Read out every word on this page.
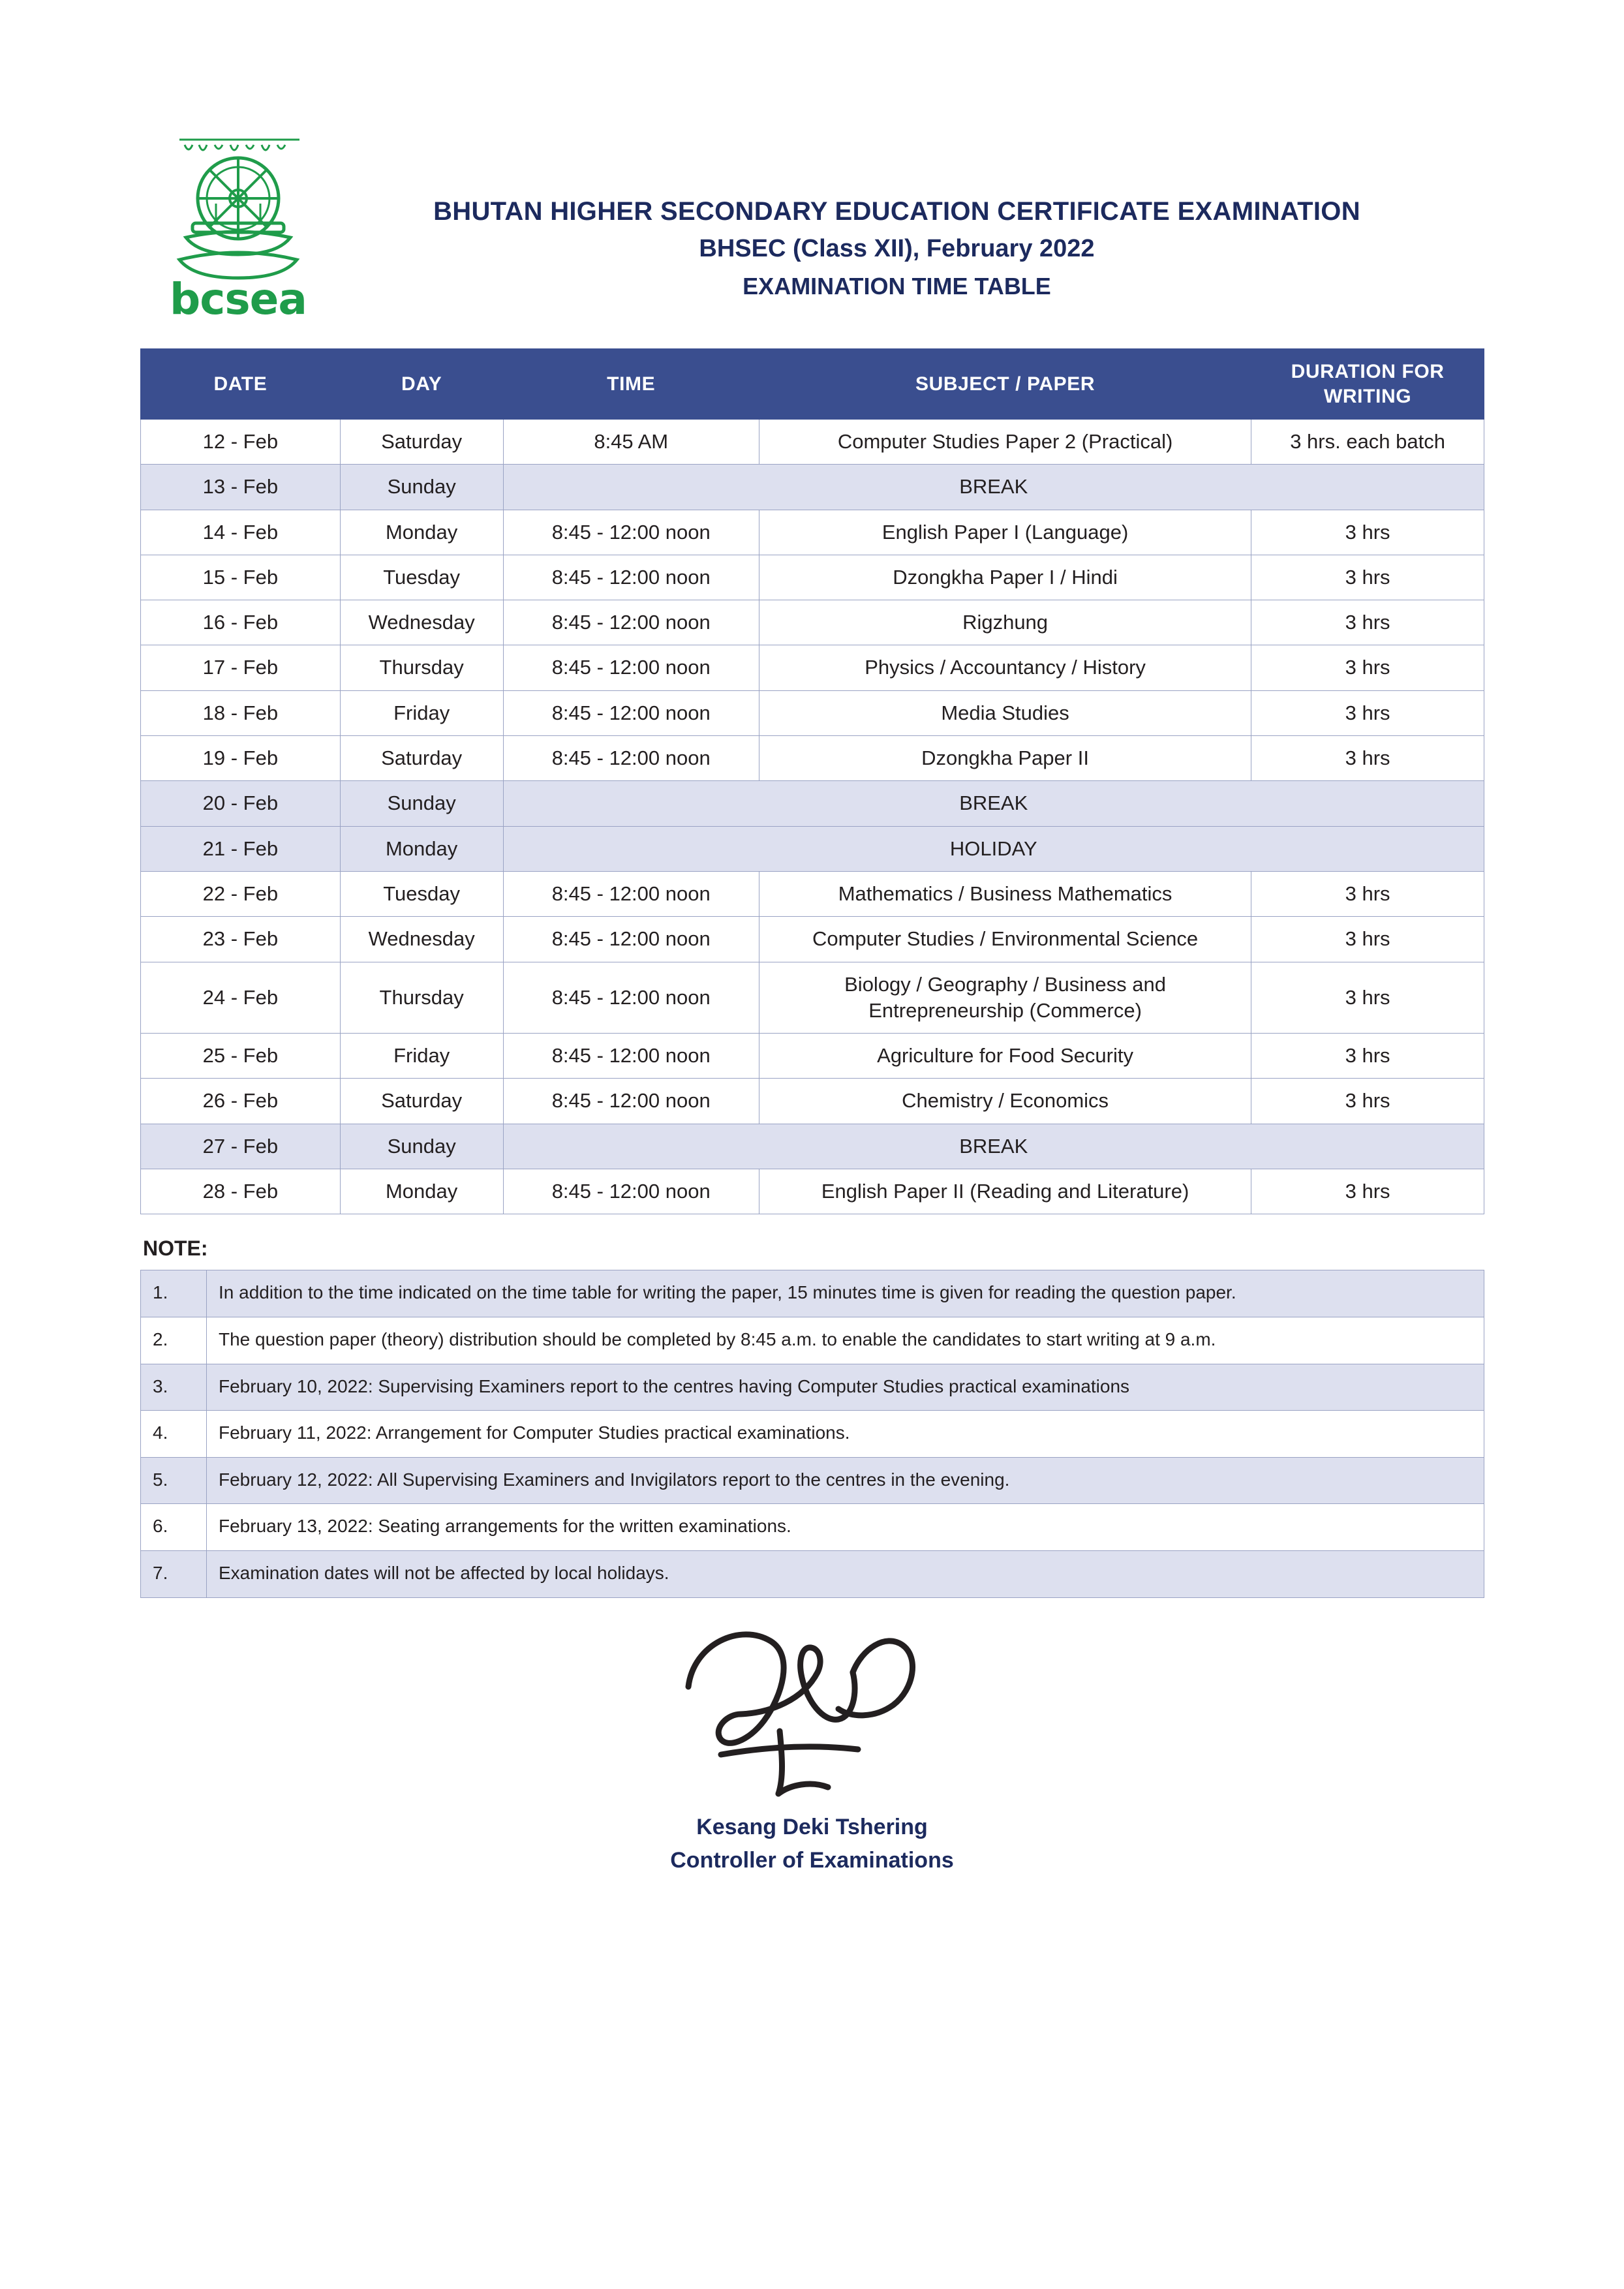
bcsea
BHUTAN HIGHER SECONDARY EDUCATION CERTIFICATE EXAMINATION
BHSEC (Class XII), February 2022
EXAMINATION TIME TABLE
DATE	DAY	TIME	SUBJECT / PAPER	DURATION FOR WRITING
12 - Feb	Saturday	8:45 AM	Computer Studies Paper 2 (Practical)	3 hrs. each batch
13 - Feb	Sunday	BREAK		
14 - Feb	Monday	8:45 - 12:00 noon	English Paper I (Language)	3 hrs
15 - Feb	Tuesday	8:45 - 12:00 noon	Dzongkha Paper I / Hindi	3 hrs
16 - Feb	Wednesday	8:45 - 12:00 noon	Rigzhung	3 hrs
17 - Feb	Thursday	8:45 - 12:00 noon	Physics / Accountancy / History	3 hrs
18 - Feb	Friday	8:45 - 12:00 noon	Media Studies	3 hrs
19 - Feb	Saturday	8:45 - 12:00 noon	Dzongkha Paper II	3 hrs
20 - Feb	Sunday	BREAK		
21 - Feb	Monday	HOLIDAY		
22 - Feb	Tuesday	8:45 - 12:00 noon	Mathematics / Business Mathematics	3 hrs
23 - Feb	Wednesday	8:45 - 12:00 noon	Computer Studies / Environmental Science	3 hrs
24 - Feb	Thursday	8:45 - 12:00 noon	Biology / Geography / Business and Entrepreneurship (Commerce)	3 hrs
25 - Feb	Friday	8:45 - 12:00 noon	Agriculture for Food Security	3 hrs
26 - Feb	Saturday	8:45 - 12:00 noon	Chemistry / Economics	3 hrs
27 - Feb	Sunday	BREAK		
28 - Feb	Monday	8:45 - 12:00 noon	English Paper II (Reading and Literature)	3 hrs
NOTE:
1.	In addition to the time indicated on the time table for writing the paper, 15 minutes time is given for reading the question paper.
2.	The question paper (theory) distribution should be completed by 8:45 a.m. to enable the candidates to start writing at 9 a.m.
3.	February 10, 2022: Supervising Examiners report to the centres having Computer Studies practical examinations
4.	February 11, 2022: Arrangement for Computer Studies practical examinations.
5.	February 12, 2022: All Supervising Examiners and Invigilators report to the centres in the evening.
6.	February 13, 2022: Seating arrangements for the written examinations.
7.	Examination dates will not be affected by local holidays.
Kesang Deki Tshering
Controller of Examinations
